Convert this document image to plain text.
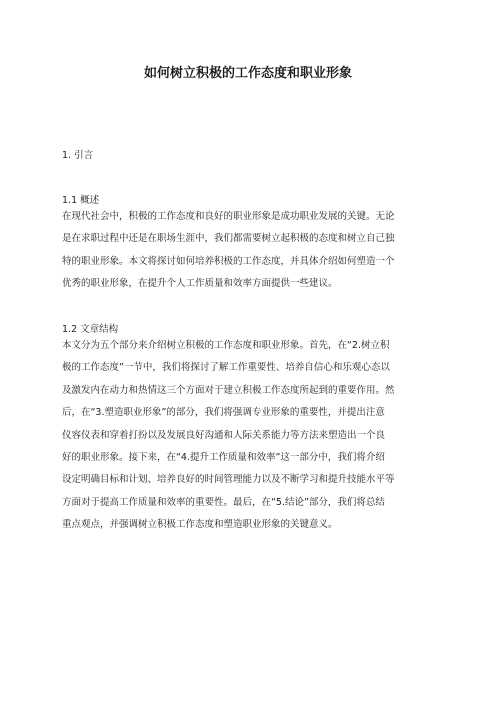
如何树立积极的工作态度和职业形象
1. 引言
1.1 概述
在现代社会中，积极的工作态度和良好的职业形象是成功职业发展的关键。无论
是在求职过程中还是在职场生涯中，我们都需要树立起积极的态度和树立自己独
特的职业形象。本文将探讨如何培养积极的工作态度，并具体介绍如何塑造一个
优秀的职业形象，在提升个人工作质量和效率方面提供一些建议。
1.2 文章结构
本文分为五个部分来介绍树立积极的工作态度和职业形象。首先，在“2.树立积
极的工作态度”一节中，我们将探讨了解工作重要性、培养自信心和乐观心态以
及激发内在动力和热情这三个方面对于建立积极工作态度所起到的重要作用。然
后，在“3.塑造职业形象”的部分，我们将强调专业形象的重要性，并提出注意
仪容仪表和穿着打扮以及发展良好沟通和人际关系能力等方法来塑造出一个良
好的职业形象。接下来，在“4.提升工作质量和效率”这一部分中，我们将介绍
设定明确目标和计划、培养良好的时间管理能力以及不断学习和提升技能水平等
方面对于提高工作质量和效率的重要性。最后，在“5.结论”部分，我们将总结
重点观点，并强调树立积极工作态度和塑造职业形象的关键意义。
